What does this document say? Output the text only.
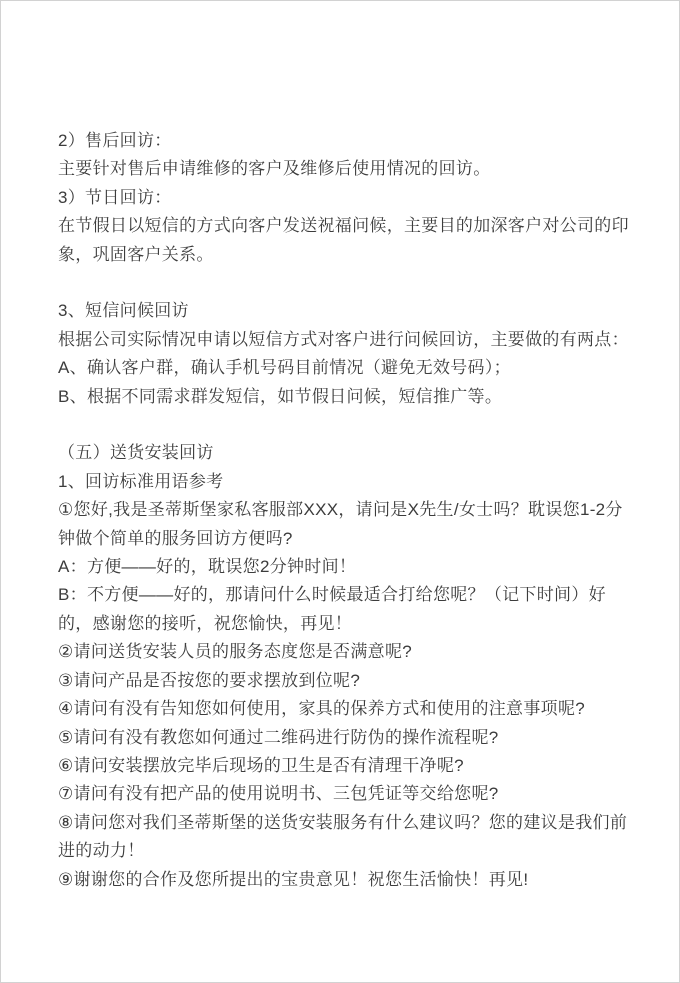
2）售后回访：

主要针对售后申请维修的客户及维修后使用情况的回访。

3）节日回访：

在节假日以短信的方式向客户发送祝福问候，主要目的加深客户对公司的印象，巩固客户关系。

3、短信问候回访

根据公司实际情况申请以短信方式对客户进行问候回访，主要做的有两点：

A、确认客户群，确认手机号码目前情况（避免无效号码）；

B、根据不同需求群发短信，如节假日问候，短信推广等。

（五）送货安装回访

1、回访标准用语参考

①您好,我是圣蒂斯堡家私客服部XXX，请问是X先生/女士吗？耽误您1-2分钟做个简单的服务回访方便吗?

A：方便——好的，耽误您2分钟时间！

B：不方便——好的，那请问什么时候最适合打给您呢？（记下时间）好的，感谢您的接听，祝您愉快，再见！

②请问送货安装人员的服务态度您是否满意呢?

③请问产品是否按您的要求摆放到位呢?

④请问有没有告知您如何使用，家具的保养方式和使用的注意事项呢?

⑤请问有没有教您如何通过二维码进行防伪的操作流程呢?

⑥请问安装摆放完毕后现场的卫生是否有清理干净呢?

⑦请问有没有把产品的使用说明书、三包凭证等交给您呢?

⑧请问您对我们圣蒂斯堡的送货安装服务有什么建议吗？您的建议是我们前进的动力！

⑨谢谢您的合作及您所提出的宝贵意见！祝您生活愉快！再见!
